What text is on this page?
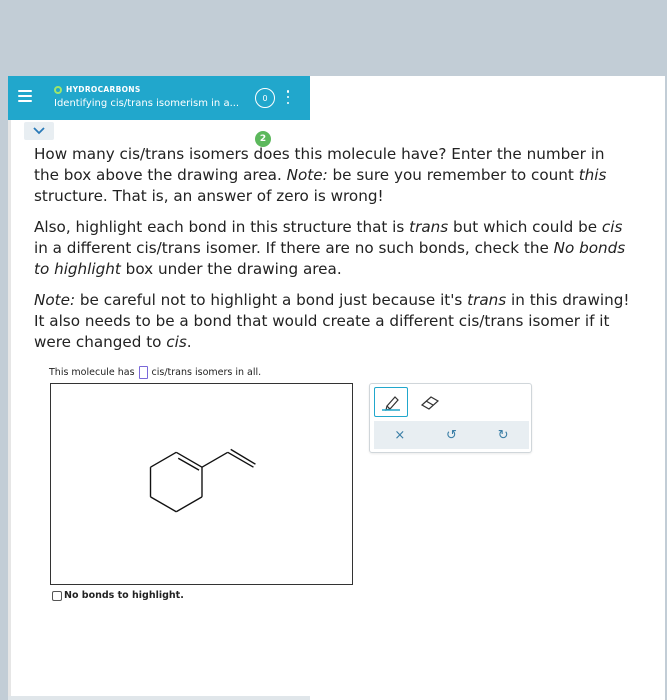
HYDROCARBONS
Identifying cis/trans isomerism in a...	0
2

How many cis/trans isomers does this molecule have? Enter the number in the box above the drawing area. Note: be sure you remember to count this structure. That is, an answer of zero is wrong!

Also, highlight each bond in this structure that is trans but which could be cis in a different cis/trans isomer. If there are no such bonds, check the No bonds to highlight box under the drawing area.

Note: be careful not to highlight a bond just because it's trans in this drawing! It also needs to be a bond that would create a different cis/trans isomer if it were changed to cis.

This molecule has cis/trans isomers in all.
×	↺	↻
No bonds to highlight.
